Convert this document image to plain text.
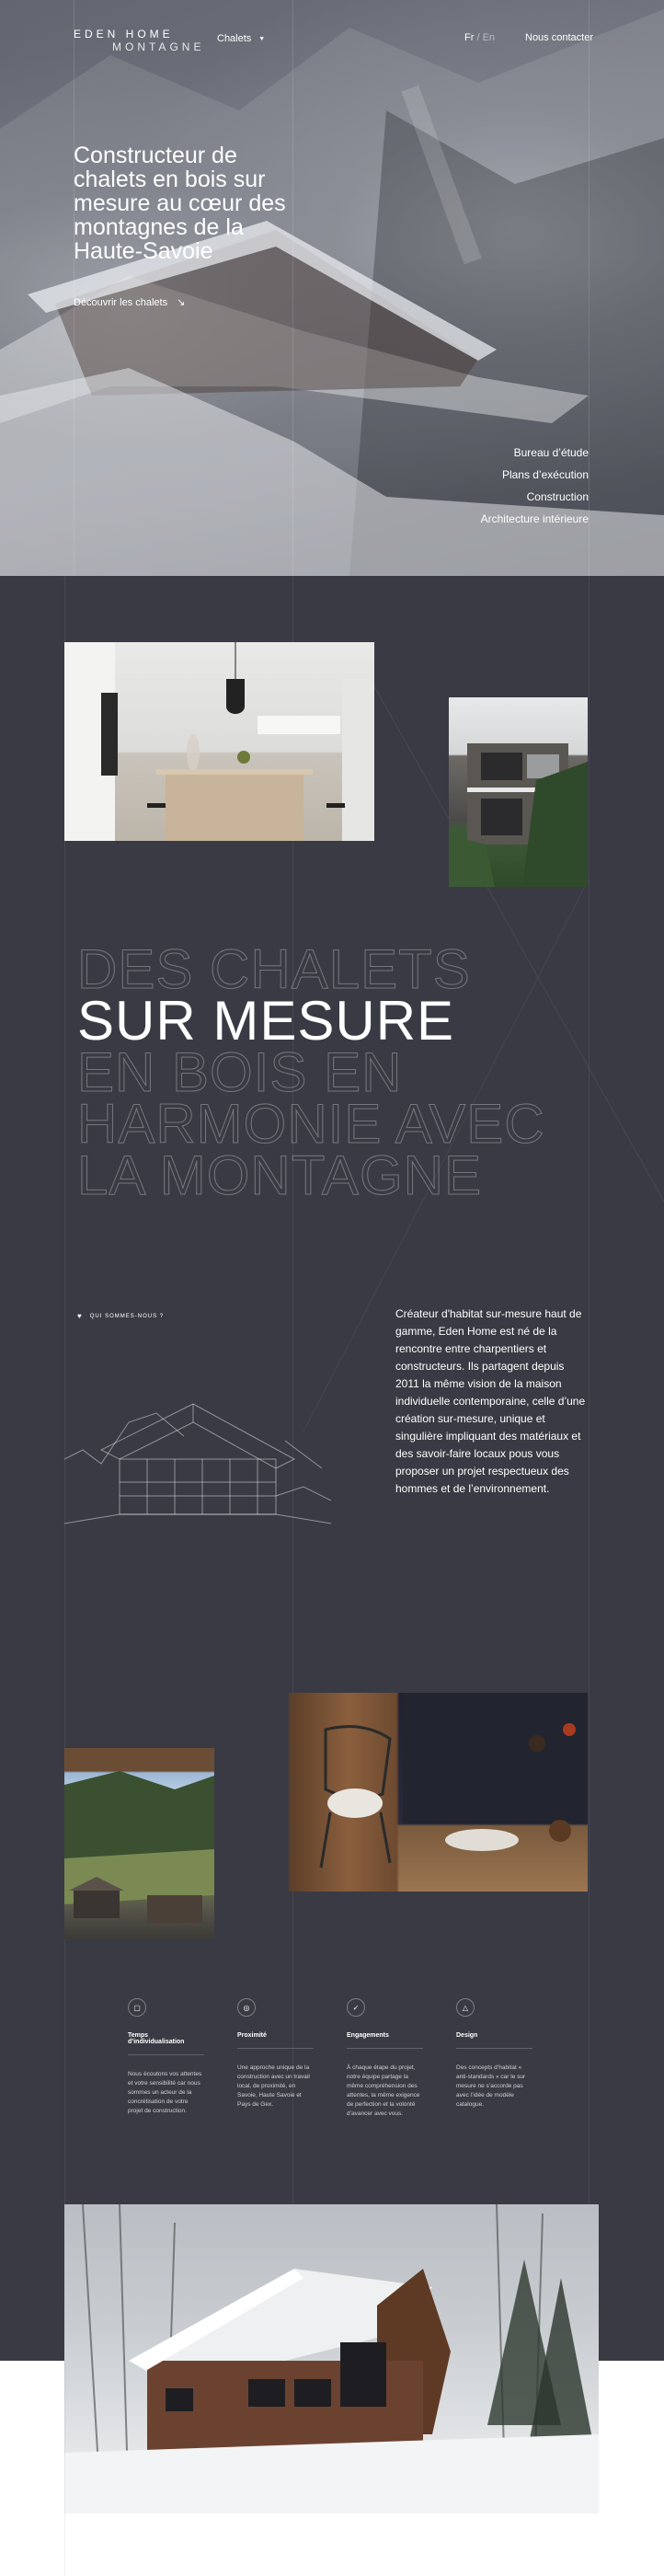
EDEN HOME
MONTAGNE
Chalets ▼	Fr / En	Nous contacter
Constructeur de chalets en bois sur mesure au cœur des montagnes de la Haute-Savoie
Découvrir les chalets ↘
Bureau d’étude
Plans d’exécution
Construction
Architecture intérieure
DES CHALETS
SUR MESURE
EN BOIS EN
HARMONIE AVEC
LA MONTAGNE
♥ QUI SOMMES-NOUS ?	Créateur d'habitat sur-mesure haut de gamme, Eden Home est né de la rencontre entre charpentiers et constructeurs. Ils partagent depuis 2011 la même vision de la maison individuelle contemporaine, celle d’une création sur-mesure, unique et singulière impliquant des matériaux et des savoir-faire locaux pous vous proposer un projet respectueux des hommes et de l’environnement.

▢
Temps d’individualisation

Nous écoutons vos attentes et votre sensibilité car nous sommes un acteur de la concrétisation de votre projet de construction.

◎
Proximité

Une approche unique de la construction avec un travail local, de proximité, en Savoie, Haute Savoie et Pays de Gex.

✓
Engagements

À chaque étape du projet, notre équipe partage la même compréhension des attentes, la même exigence de perfection et la volonté d’avancer avec vous.

△
Design

Des concepts d’habitat « anti-standards » car le sur mesure ne s’accorde pas avec l’idée de modèle catalogue.
